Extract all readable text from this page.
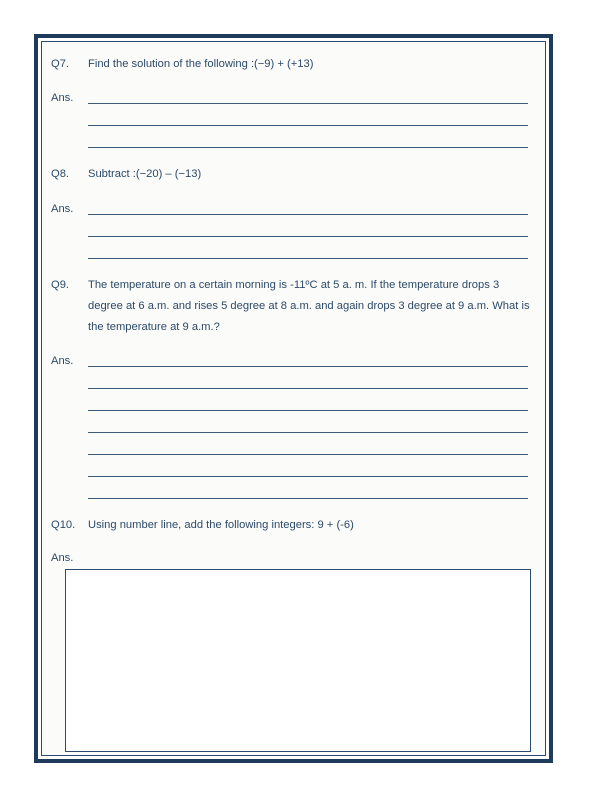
Q7.	Find the solution of the following :(−9) + (+13)
Ans.
Q8.	Subtract :(−20) – (−13)
Ans.
Q9.	The temperature on a certain morning is -11ºC at 5 a. m. If the temperature drops 3 degree at 6 a.m. and rises 5 degree at 8 a.m. and again drops 3 degree at 9 a.m. What is the temperature at 9 a.m.?
Ans.
Q10.	Using number line, add the following integers: 9 + (-6)
Ans.
